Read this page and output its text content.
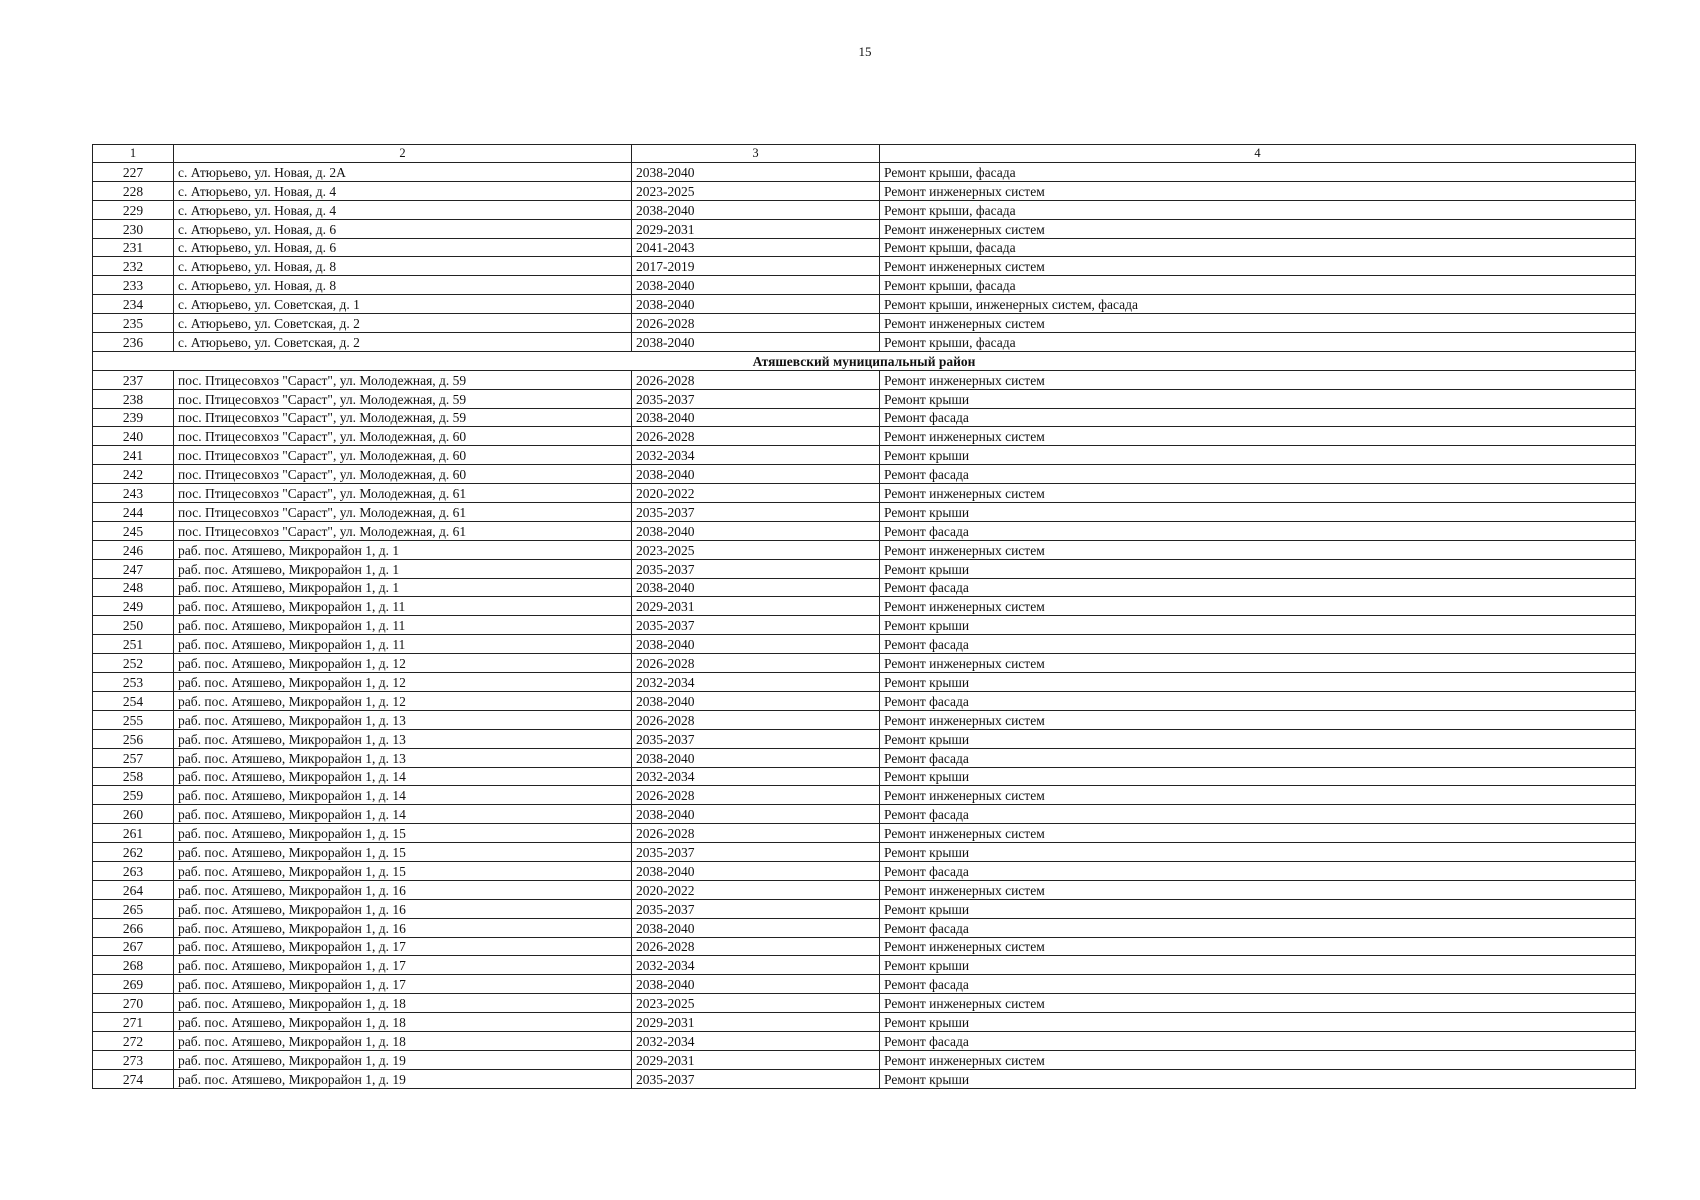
15
1	2	3	4
227	с. Атюрьево, ул. Новая, д. 2А	2038-2040	Ремонт крыши, фасада
228	с. Атюрьево, ул. Новая, д. 4	2023-2025	Ремонт инженерных систем
229	с. Атюрьево, ул. Новая, д. 4	2038-2040	Ремонт крыши, фасада
230	с. Атюрьево, ул. Новая, д. 6	2029-2031	Ремонт инженерных систем
231	с. Атюрьево, ул. Новая, д. 6	2041-2043	Ремонт крыши, фасада
232	с. Атюрьево, ул. Новая, д. 8	2017-2019	Ремонт инженерных систем
233	с. Атюрьево, ул. Новая, д. 8	2038-2040	Ремонт крыши, фасада
234	с. Атюрьево, ул. Советская, д. 1	2038-2040	Ремонт крыши, инженерных систем, фасада
235	с. Атюрьево, ул. Советская, д. 2	2026-2028	Ремонт инженерных систем
236	с. Атюрьево, ул. Советская, д. 2	2038-2040	Ремонт крыши, фасада
Атяшевский муниципальный район			
237	пос. Птицесовхоз "Сараст", ул. Молодежная, д. 59	2026-2028	Ремонт инженерных систем
238	пос. Птицесовхоз "Сараст", ул. Молодежная, д. 59	2035-2037	Ремонт крыши
239	пос. Птицесовхоз "Сараст", ул. Молодежная, д. 59	2038-2040	Ремонт фасада
240	пос. Птицесовхоз "Сараст", ул. Молодежная, д. 60	2026-2028	Ремонт инженерных систем
241	пос. Птицесовхоз "Сараст", ул. Молодежная, д. 60	2032-2034	Ремонт крыши
242	пос. Птицесовхоз "Сараст", ул. Молодежная, д. 60	2038-2040	Ремонт фасада
243	пос. Птицесовхоз "Сараст", ул. Молодежная, д. 61	2020-2022	Ремонт инженерных систем
244	пос. Птицесовхоз "Сараст", ул. Молодежная, д. 61	2035-2037	Ремонт крыши
245	пос. Птицесовхоз "Сараст", ул. Молодежная, д. 61	2038-2040	Ремонт фасада
246	раб. пос. Атяшево, Микрорайон 1, д. 1	2023-2025	Ремонт инженерных систем
247	раб. пос. Атяшево, Микрорайон 1, д. 1	2035-2037	Ремонт крыши
248	раб. пос. Атяшево, Микрорайон 1, д. 1	2038-2040	Ремонт фасада
249	раб. пос. Атяшево, Микрорайон 1, д. 11	2029-2031	Ремонт инженерных систем
250	раб. пос. Атяшево, Микрорайон 1, д. 11	2035-2037	Ремонт крыши
251	раб. пос. Атяшево, Микрорайон 1, д. 11	2038-2040	Ремонт фасада
252	раб. пос. Атяшево, Микрорайон 1, д. 12	2026-2028	Ремонт инженерных систем
253	раб. пос. Атяшево, Микрорайон 1, д. 12	2032-2034	Ремонт крыши
254	раб. пос. Атяшево, Микрорайон 1, д. 12	2038-2040	Ремонт фасада
255	раб. пос. Атяшево, Микрорайон 1, д. 13	2026-2028	Ремонт инженерных систем
256	раб. пос. Атяшево, Микрорайон 1, д. 13	2035-2037	Ремонт крыши
257	раб. пос. Атяшево, Микрорайон 1, д. 13	2038-2040	Ремонт фасада
258	раб. пос. Атяшево, Микрорайон 1, д. 14	2032-2034	Ремонт крыши
259	раб. пос. Атяшево, Микрорайон 1, д. 14	2026-2028	Ремонт инженерных систем
260	раб. пос. Атяшево, Микрорайон 1, д. 14	2038-2040	Ремонт фасада
261	раб. пос. Атяшево, Микрорайон 1, д. 15	2026-2028	Ремонт инженерных систем
262	раб. пос. Атяшево, Микрорайон 1, д. 15	2035-2037	Ремонт крыши
263	раб. пос. Атяшево, Микрорайон 1, д. 15	2038-2040	Ремонт фасада
264	раб. пос. Атяшево, Микрорайон 1, д. 16	2020-2022	Ремонт инженерных систем
265	раб. пос. Атяшево, Микрорайон 1, д. 16	2035-2037	Ремонт крыши
266	раб. пос. Атяшево, Микрорайон 1, д. 16	2038-2040	Ремонт фасада
267	раб. пос. Атяшево, Микрорайон 1, д. 17	2026-2028	Ремонт инженерных систем
268	раб. пос. Атяшево, Микрорайон 1, д. 17	2032-2034	Ремонт крыши
269	раб. пос. Атяшево, Микрорайон 1, д. 17	2038-2040	Ремонт фасада
270	раб. пос. Атяшево, Микрорайон 1, д. 18	2023-2025	Ремонт инженерных систем
271	раб. пос. Атяшево, Микрорайон 1, д. 18	2029-2031	Ремонт крыши
272	раб. пос. Атяшево, Микрорайон 1, д. 18	2032-2034	Ремонт фасада
273	раб. пос. Атяшево, Микрорайон 1, д. 19	2029-2031	Ремонт инженерных систем
274	раб. пос. Атяшево, Микрорайон 1, д. 19	2035-2037	Ремонт крыши
